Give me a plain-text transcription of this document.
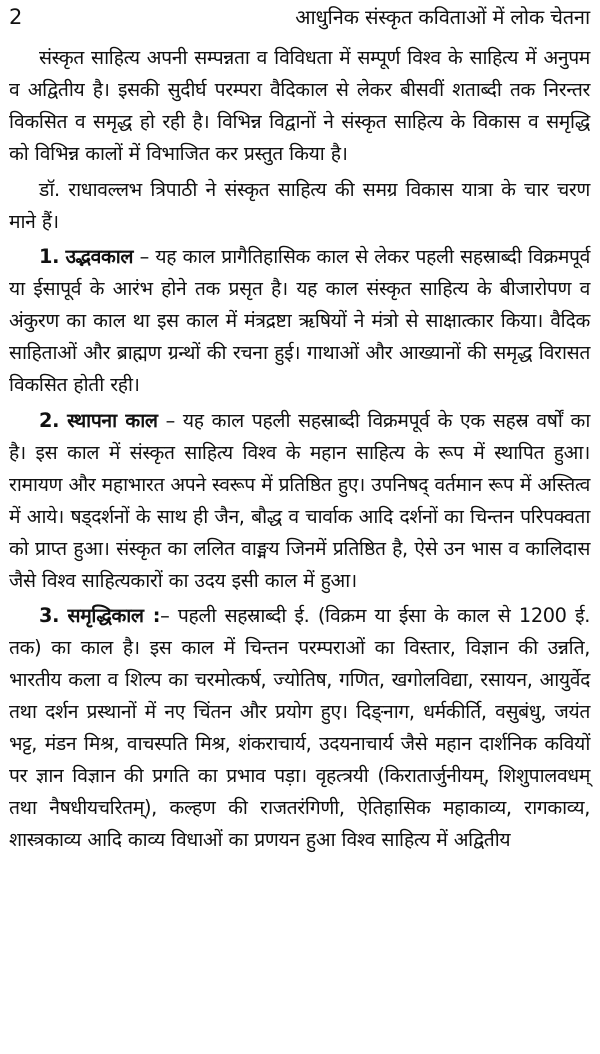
2	आधुनिक संस्कृत कविताओं में लोक चेतना

संस्कृत साहित्य अपनी सम्पन्नता व विविधता में सम्पूर्ण विश्व के साहित्य में अनुपम व अद्वितीय है। इसकी सुदीर्घ परम्परा वैदिकाल से लेकर बीसवीं शताब्दी तक निरन्तर विकसित व समृद्ध हो रही है। विभिन्न विद्वानों ने संस्कृत साहित्य के विकास व समृद्धि को विभिन्न कालों में विभाजित कर प्रस्तुत किया है।

डॉ. राधावल्लभ त्रिपाठी ने संस्कृत साहित्य की समग्र विकास यात्रा के चार चरण माने हैं।

1. उद्भवकाल – यह काल प्रागैतिहासिक काल से लेकर पहली सहस्राब्दी विक्रमपूर्व या ईसापूर्व के आरंभ होने तक प्रसृत है। यह काल संस्कृत साहित्य के बीजारोपण व अंकुरण का काल था इस काल में मंत्रद्रष्टा ऋषियों ने मंत्रो से साक्षात्कार किया। वैदिक साहिताओं और ब्राह्मण ग्रन्थों की रचना हुई। गाथाओं और आख्यानों की समृद्ध विरासत विकसित होती रही।

2. स्थापना काल – यह काल पहली सहस्राब्दी विक्रमपूर्व के एक सहस्र वर्षों का है। इस काल में संस्कृत साहित्य विश्व के महान साहित्य के रूप में स्थापित हुआ। रामायण और महाभारत अपने स्वरूप में प्रतिष्ठित हुए। उपनिषद् वर्तमान रूप में अस्तित्व में आये। षड्दर्शनों के साथ ही जैन, बौद्ध व चार्वाक आदि दर्शनों का चिन्तन परिपक्वता को प्राप्त हुआ। संस्कृत का ललित वाङ्मय जिनमें प्रतिष्ठित है, ऐसे उन भास व कालिदास जैसे विश्व साहित्यकारों का उदय इसी काल में हुआ।

3. समृद्धिकाल :– पहली सहस्राब्दी ई. (विक्रम या ईसा के काल से 1200 ई. तक) का काल है। इस काल में चिन्तन परम्पराओं का विस्तार, विज्ञान की उन्नति, भारतीय कला व शिल्प का चरमोत्कर्ष, ज्योतिष, गणित, खगोलविद्या, रसायन, आयुर्वेद तथा दर्शन प्रस्थानों में नए चिंतन और प्रयोग हुए। दिङ्नाग, धर्मकीर्ति, वसुबंधु, जयंत भट्ट, मंडन मिश्र, वाचस्पति मिश्र, शंकराचार्य, उदयनाचार्य जैसे महान दार्शनिक कवियों पर ज्ञान विज्ञान की प्रगति का प्रभाव पड़ा। वृहत्त्रयी (किरातार्जुनीयम्, शिशुपालवधम् तथा नैषधीयचरितम्), कल्हण की राजतरंगिणी, ऐतिहासिक महाकाव्य, रागकाव्य, शास्त्रकाव्य आदि काव्य विधाओं का प्रणयन हुआ विश्व साहित्य में अद्वितीय
